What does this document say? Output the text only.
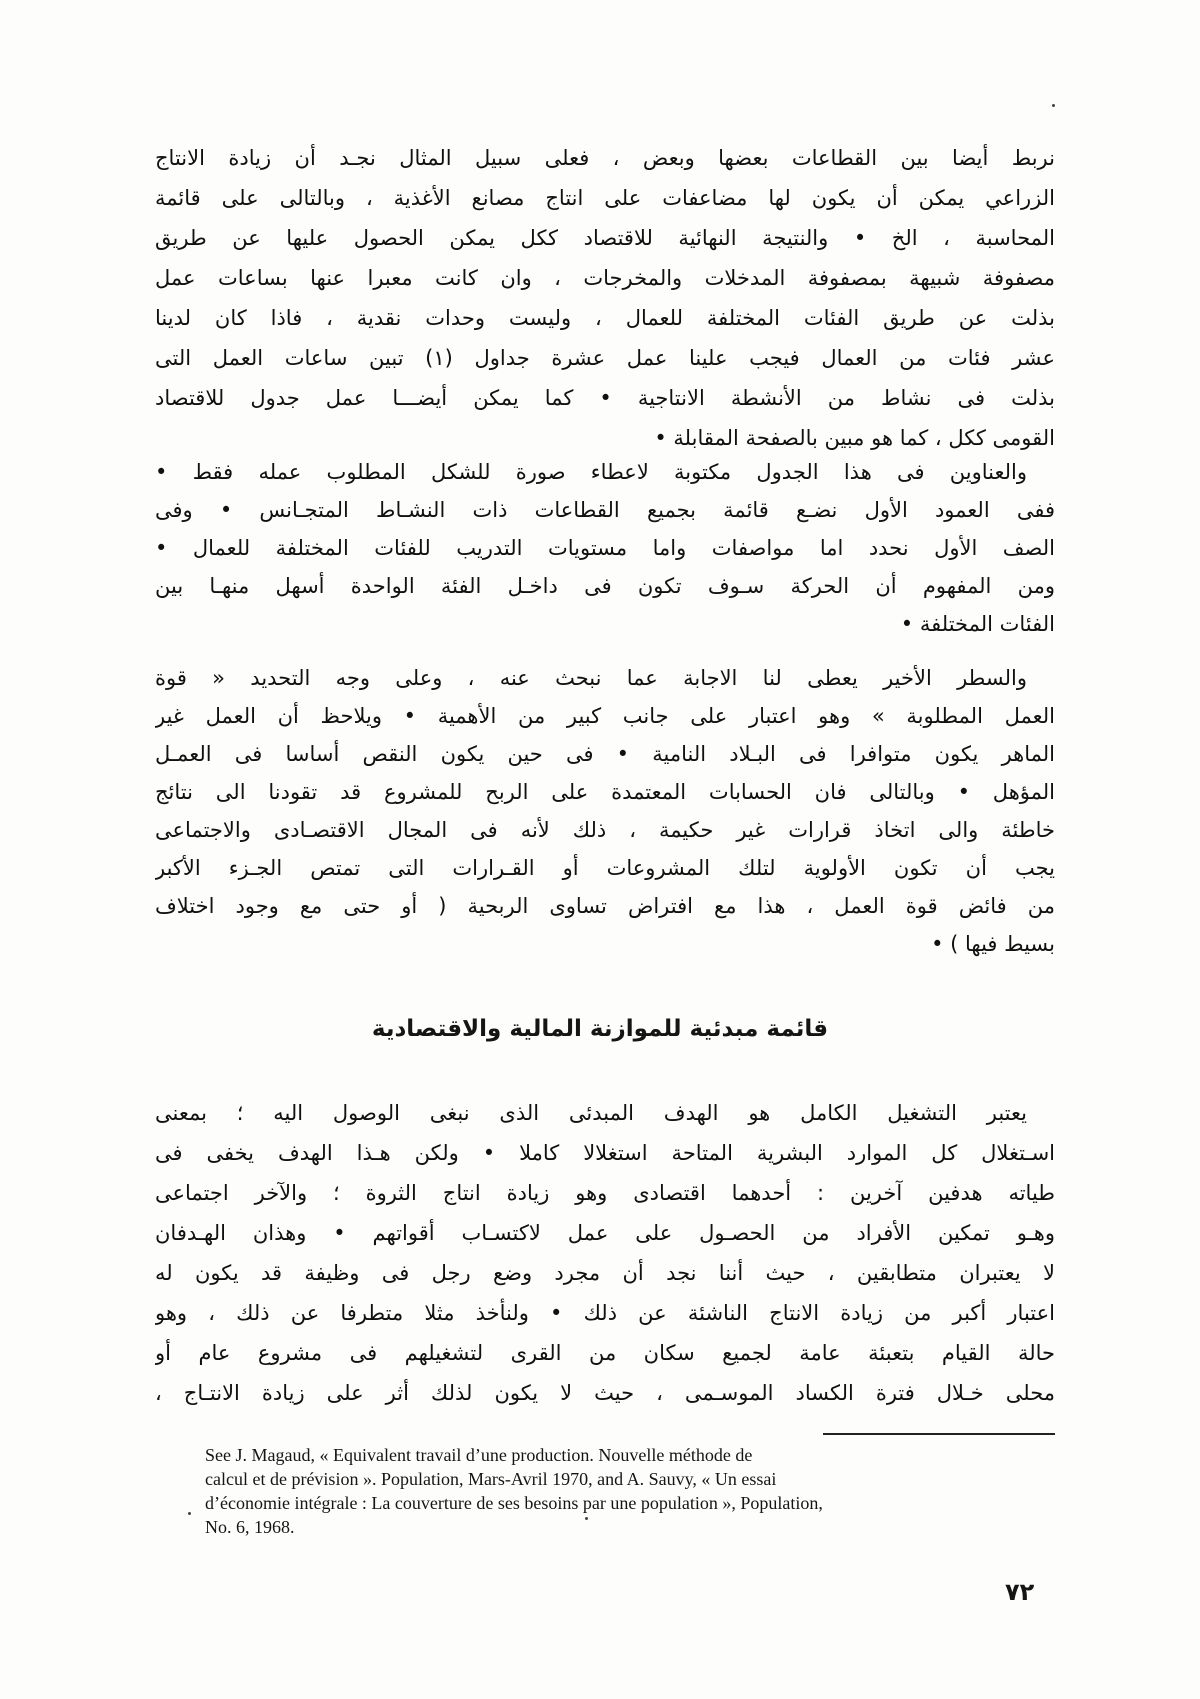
نربط أيضا بين القطاعات بعضها وبعض ، فعلى سبيل المثال نجـد أن زيادة الانتاج
الزراعي يمكن أن يكون لها مضاعفات على انتاج مصانع الأغذية ، وبالتالى على قائمة
المحاسبة ، الخ • والنتيجة النهائية للاقتصاد ككل يمكن الحصول عليها عن طريق
مصفوفة شبيهة بمصفوفة المدخلات والمخرجات ، وان كانت معبرا عنها بساعات عمل
بذلت عن طريق الفئات المختلفة للعمال ، وليست وحدات نقدية ، فاذا كان لدينا
عشر فئات من العمال فيجب علينا عمل عشرة جداول (١) تبين ساعات العمل التى
بذلت فى نشاط من الأنشطة الانتاجية • كما يمكن أيضـــا عمل جدول للاقتصاد
القومى ككل ، كما هو مبين بالصفحة المقابلة •
والعناوين فى هذا الجدول مكتوبة لاعطاء صورة للشكل المطلوب عمله فقط •
ففى العمود الأول نضـع قائمة بجميع القطاعات ذات النشـاط المتجـانس • وفى
الصف الأول نحدد اما مواصفات واما مستويات التدريب للفئات المختلفة للعمال •
ومن المفهوم أن الحركة سـوف تكون فى داخـل الفئة الواحدة أسهل منهـا بين
الفئات المختلفة •
والسطر الأخير يعطى لنا الاجابة عما نبحث عنه ، وعلى وجه التحديد « قوة
العمل المطلوبة » وهو اعتبار على جانب كبير من الأهمية • ويلاحظ أن العمل غير
الماهر يكون متوافرا فى البـلاد النامية • فى حين يكون النقص أساسا فى العمـل
المؤهل • وبالتالى فان الحسابات المعتمدة على الربح للمشروع قد تقودنا الى نتائج
خاطئة والى اتخاذ قرارات غير حكيمة ، ذلك لأنه فى المجال الاقتصـادى والاجتماعى
يجب أن تكون الأولوية لتلك المشروعات أو القـرارات التى تمتص الجـزء الأكبر
من فائض قوة العمل ، هذا مع افتراض تساوى الربحية ( أو حتى مع وجود اختلاف
بسيط فيها ) •
قائمة مبدئية للموازنة المالية والاقتصادية
يعتبر التشغيل الكامل هو الهدف المبدئى الذى نبغى الوصول اليه ؛ بمعنى
اسـتغلال كل الموارد البشرية المتاحة استغلالا كاملا • ولكن هـذا الهدف يخفى فى
طياته هدفين آخرين : أحدهما اقتصادى وهو زيادة انتاج الثروة ؛ والآخر اجتماعى
وهـو تمكين الأفراد من الحصـول على عمل لاكتسـاب أقواتهم • وهذان الهـدفان
لا يعتبران متطابقين ، حيث أننا نجد أن مجرد وضع رجل فى وظيفة قد يكون له
اعتبار أكبر من زيادة الانتاج الناشئة عن ذلك • ولنأخذ مثلا متطرفا عن ذلك ، وهو
حالة القيام بتعبئة عامة لجميع سكان من القرى لتشغيلهم فى مشروع عام أو
محلى خـلال فترة الكساد الموسـمى ، حيث لا يكون لذلك أثر على زيادة الانتـاج ،
See J. Magaud, « Equivalent travail d’une production. Nouvelle méthode de
calcul et de prévision ». Population, Mars-Avril 1970, and A. Sauvy, « Un essai
d’économie intégrale : La couverture de ses besoins par une population », Population,
No. 6, 1968.
٧٢
